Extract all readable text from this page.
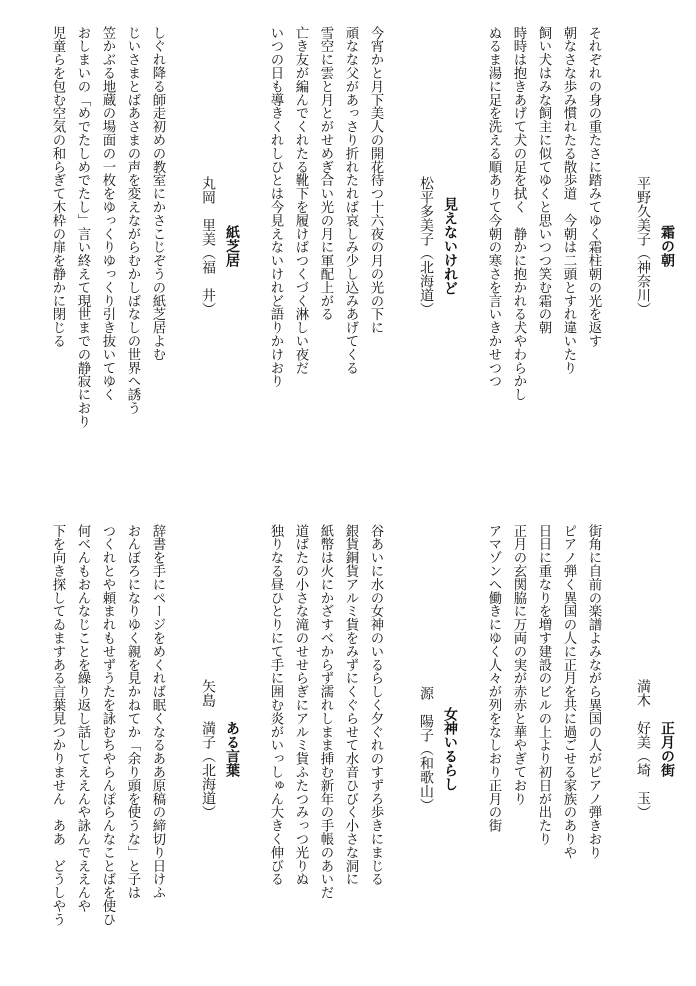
霜の朝
平野久美子（神奈川）
それぞれの身の重たさに踏みてゆく霜柱朝の光を返す
朝なさな歩み慣れたる散歩道　今朝は二頭とすれ違いたり
飼い犬はみな飼主に似てゆくと思いつつ笑む霜の朝
時時は抱きあげて犬の足を拭く　静かに抱かれる犬やわらかし
ぬるま湯に足を洗える順ありて今朝の寒さを言いきかせつつ
見えないけれど
松平多美子（北海道）
今宵かと月下美人の開花待つ十六夜の月の光の下に
頑なな父があっさり折れたれば哀しみ少し込みあげてくる
雪空に雲と月とがせめぎ合い光の月に軍配上がる
亡き友が編んでくれたる靴下を履けばつくづく淋しい夜だ
いつの日も導きくれしひとは今見えないけれど語りかけおり
紙芝居
丸岡　里美（福　井）
しぐれ降る師走初めの教室にかさこじぞうの紙芝居よむ
じいさまとばあさまの声を変えながらむかしばなしの世界へ誘う
笠かぶる地蔵の場面の一枚をゆっくりゆっくり引き抜いてゆく
おしまいの「めでたしめでたし」言い終えて現世までの静寂におり
児童らを包む空気の和らぎて木枠の扉を静かに閉じる
正月の街
満木　好美（埼　玉）
街角に自前の楽譜よみながら異国の人がピアノ弾きおり
ピアノ弾く異国の人に正月を共に過ごせる家族のありや
日日に重なりを増す建設のビルの上より初日が出たり
正月の玄関脇に万両の実が赤赤と華やぎており
アマゾンへ働きにゆく人々が列をなしおり正月の街
女神いるらし
源　陽子（和歌山）
谷あいに水の女神のいるらしく夕ぐれのすずろ歩きにまじる
銀貨銅貨アルミ貨をみずにくぐらせて水音ひびく小さな洞に
紙幣は火にかざすべからず濡れしまま挿む新年の手帳のあいだ
道ばたの小さな滝のせせらぎにアルミ貨ふたつみっつ光りぬ
独りなる昼ひとりにて手に囲む炎がいっしゅん大きく伸びる
ある言葉
矢島　満子（北海道）
辞書を手にページをめくれば眠くなるああ原稿の締切り日けふ
おんぼろになりゆく親を見かねてか「余り頭を使うな」と子は
つくれとや頼まれもせずうたを詠むちやらんぽらんなことばを使ひ
何べんもおんなじことを繰り返し話してええんや詠んでええんや
下を向き探してゐますある言葉見つかりません　ああ　どうしやう
